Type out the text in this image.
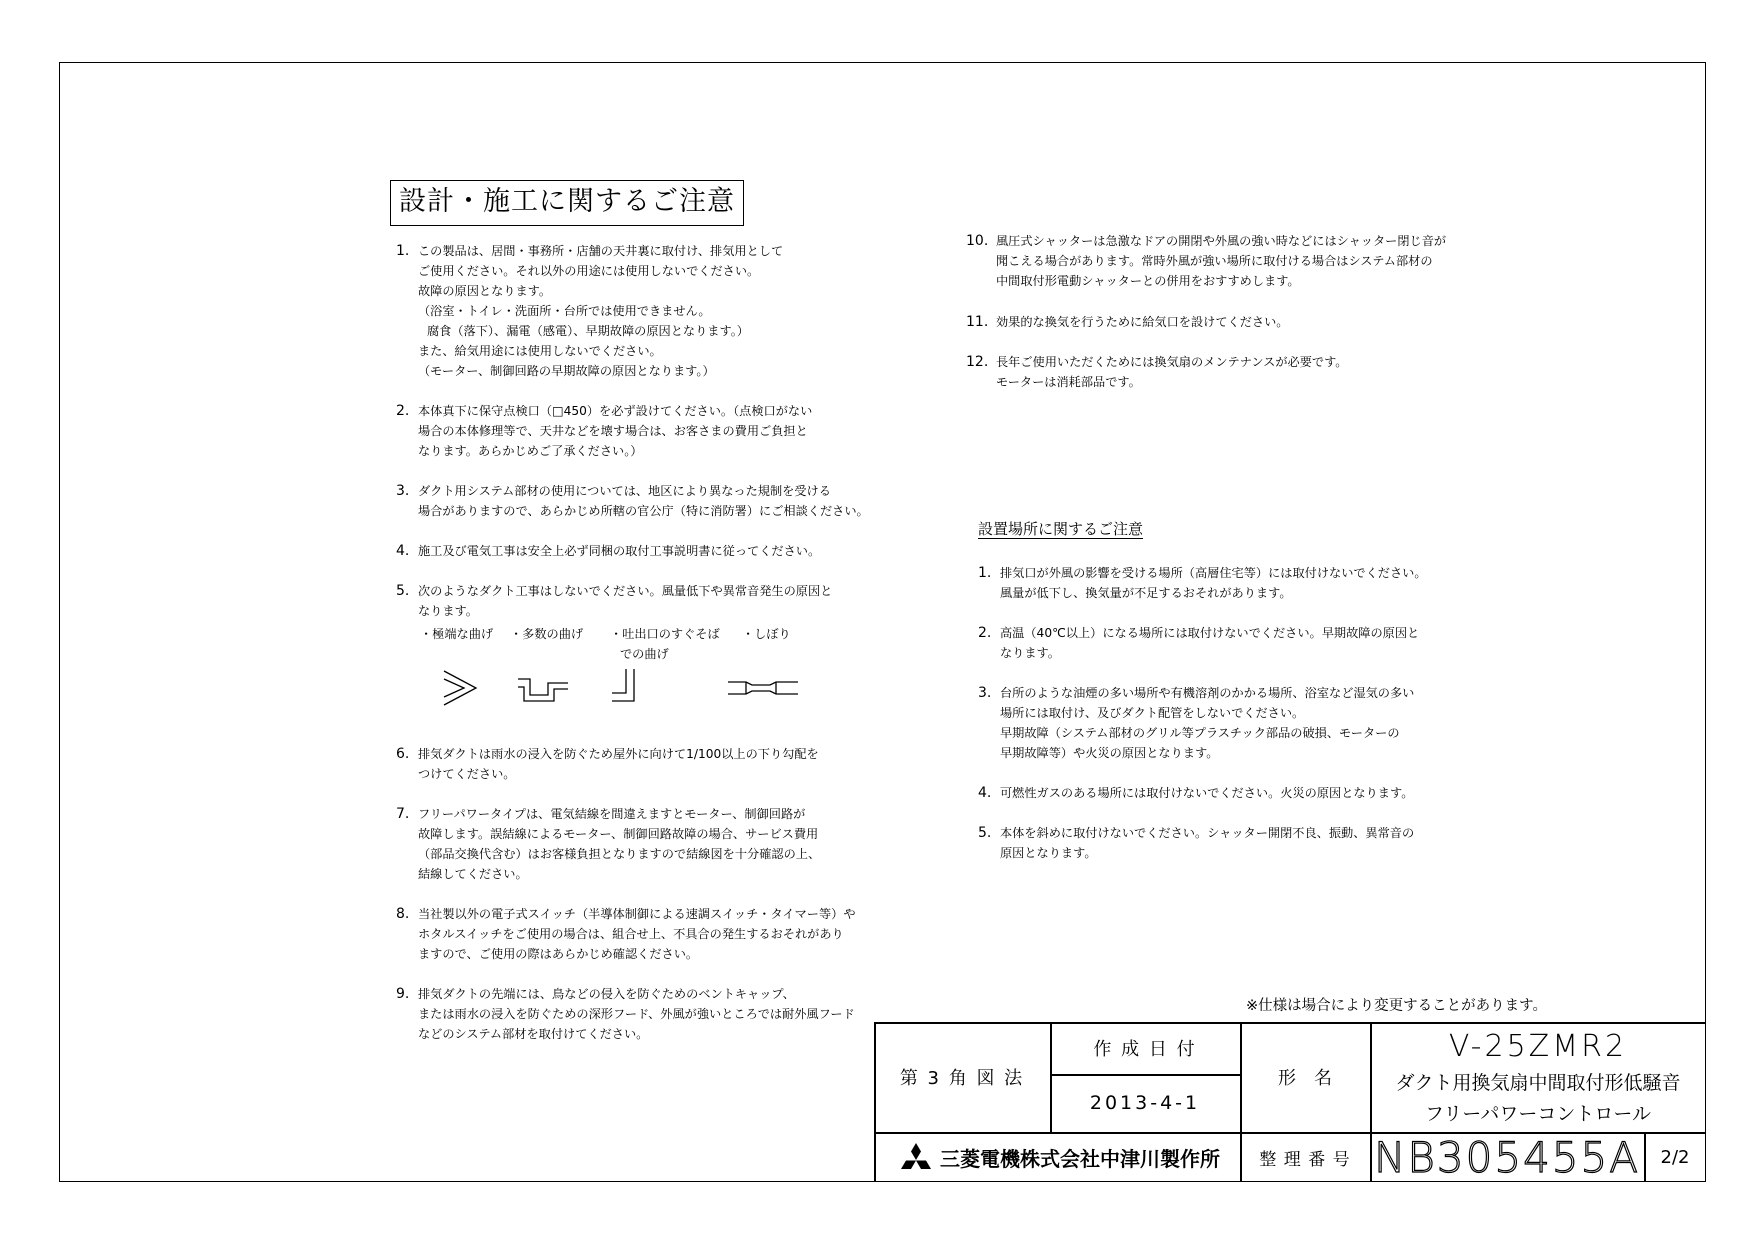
設計・施工に関するご注意
1. この製品は、居間・事務所・店舗の天井裏に取付け、排気用として
ご使用ください。それ以外の用途には使用しないでください。
故障の原因となります。
（浴室・トイレ・洗面所・台所では使用できません。
腐食（落下）、漏電（感電）、早期故障の原因となります。）
また、給気用途には使用しないでください。
（モーター、制御回路の早期故障の原因となります。）
2. 本体真下に保守点検口（□450）を必ず設けてください。（点検口がない
場合の本体修理等で、天井などを壊す場合は、お客さまの費用ご負担と
なります。あらかじめご了承ください。）
3. ダクト用システム部材の使用については、地区により異なった規制を受ける
場合がありますので、あらかじめ所轄の官公庁（特に消防署）にご相談ください。
4. 施工及び電気工事は安全上必ず同梱の取付工事説明書に従ってください。
5. 次のようなダクト工事はしないでください。風量低下や異常音発生の原因と
なります。
6. 排気ダクトは雨水の浸入を防ぐため屋外に向けて1/100以上の下り勾配を
つけてください。
7. フリーパワータイプは、電気結線を間違えますとモーター、制御回路が
故障します。誤結線によるモーター、制御回路故障の場合、サービス費用
（部品交換代含む）はお客様負担となりますので結線図を十分確認の上、
結線してください。
8. 当社製以外の電子式スイッチ（半導体制御による速調スイッチ・タイマー等）や
ホタルスイッチをご使用の場合は、組合せ上、不具合の発生するおそれがあり
ますので、ご使用の際はあらかじめ確認ください。
9. 排気ダクトの先端には、鳥などの侵入を防ぐためのベントキャップ、
または雨水の浸入を防ぐための深形フード、外風が強いところでは耐外風フード
などのシステム部材を取付けてください。
10. 風圧式シャッターは急激なドアの開閉や外風の強い時などにはシャッター閉じ音が
聞こえる場合があります。常時外風が強い場所に取付ける場合はシステム部材の
中間取付形電動シャッターとの併用をおすすめします。
11. 効果的な換気を行うために給気口を設けてください。
12. 長年ご使用いただくためには換気扇のメンテナンスが必要です。
モーターは消耗部品です。
1. 排気口が外風の影響を受ける場所（高層住宅等）には取付けないでください。
風量が低下し、換気量が不足するおそれがあります。
2. 高温（40℃以上）になる場所には取付けないでください。早期故障の原因と
なります。
3. 台所のような油煙の多い場所や有機溶剤のかかる場所、浴室など湿気の多い
場所には取付け、及びダクト配管をしないでください。
早期故障（システム部材のグリル等プラスチック部品の破損、モーターの
早期故障等）や火災の原因となります。
4. 可燃性ガスのある場所には取付けないでください。火災の原因となります。
5. 本体を斜めに取付けないでください。シャッター開閉不良、振動、異常音の
原因となります。
・極端な曲げ ・多数の曲げ ・吐出口のすぐそば
での曲げ
・しぼり
設置場所に関するご注意
※仕様は場合により変更することがあります。
第 3 角 図 法
作 成 日 付
2013-4-1
形　名
V-25ZMR2
ダクト用換気扇中間取付形低騒音
フリーパワーコントロール
三菱電機株式会社中津川製作所	整 理 番 号 NB305455A	2/2
